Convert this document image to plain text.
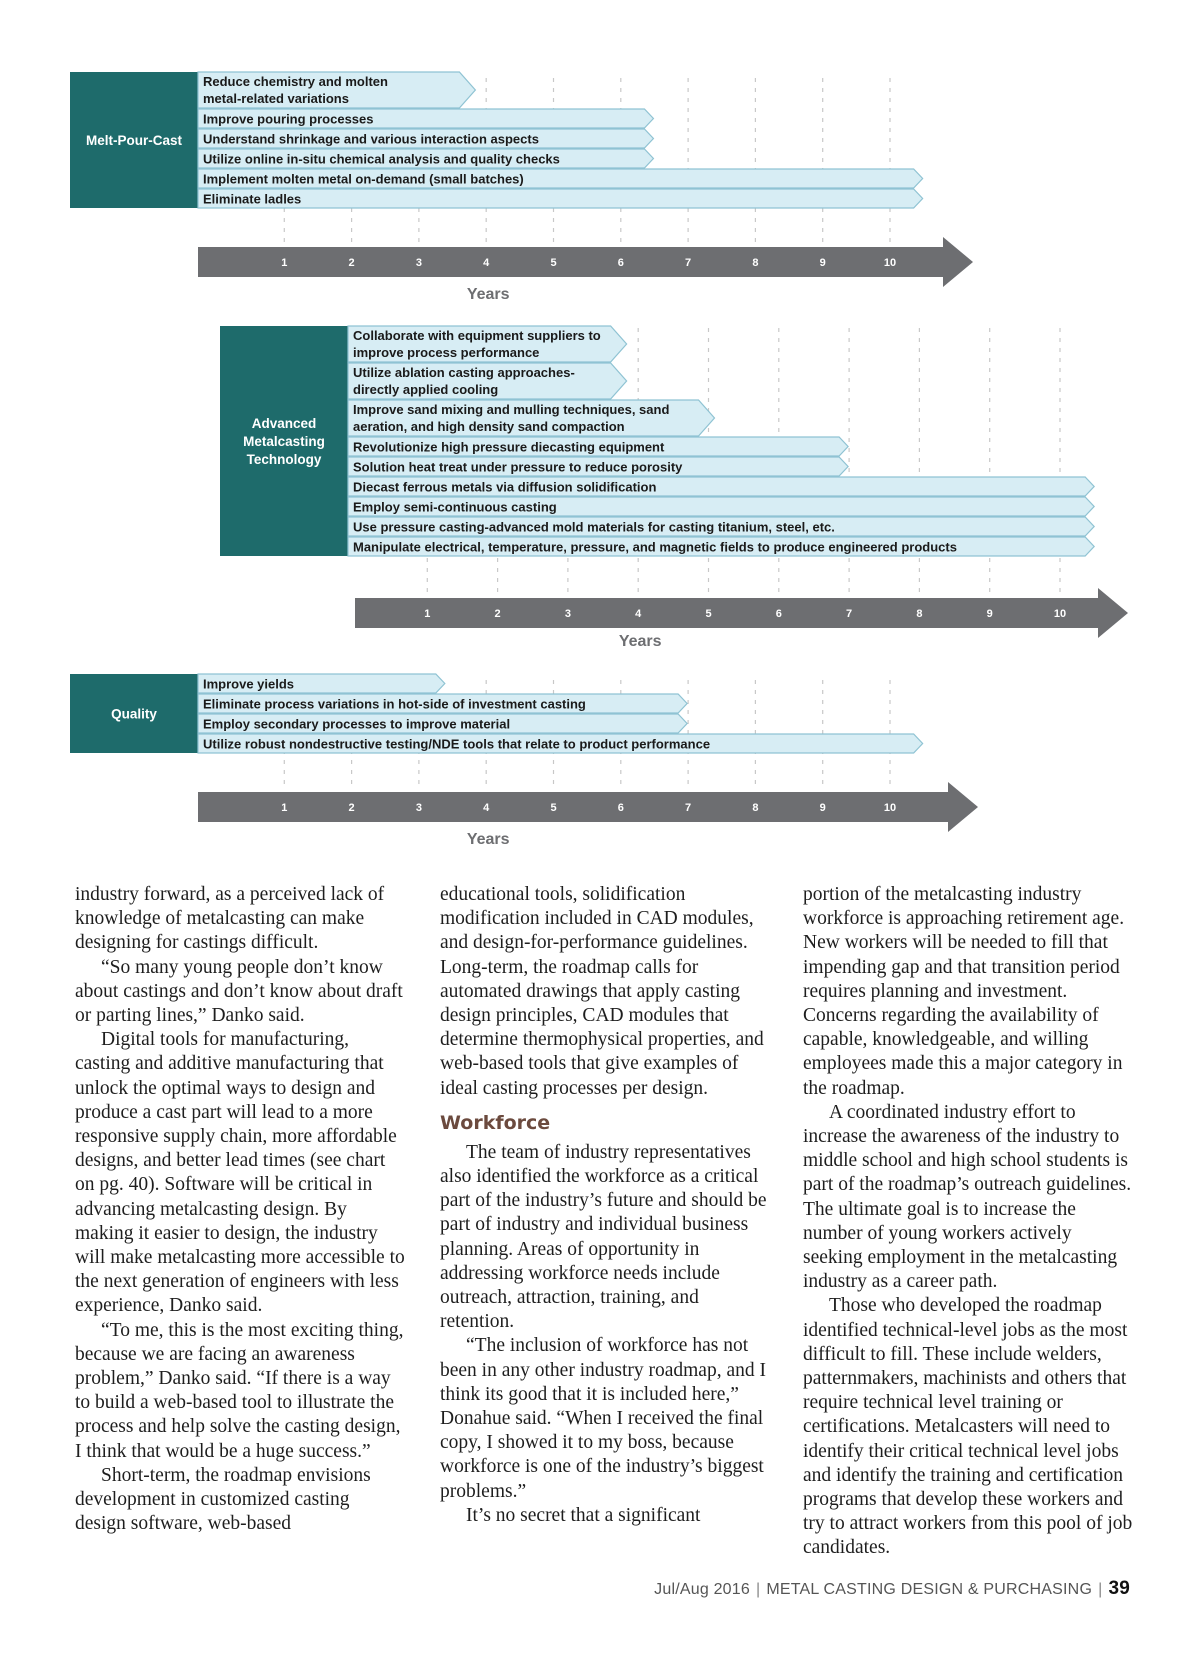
Melt-Pour-Cast
Reduce chemistry and molten metal-related variations
Improve pouring processes
Understand shrinkage and various interaction aspects
Utilize online in-situ chemical analysis and quality checks
Implement molten metal on-demand (small batches)
Eliminate ladles
1	2	3	4	5	6	7	8	9	10
Years
Advanced Metalcasting Technology
Collaborate with equipment suppliers to improve process performance
Utilize ablation casting approaches-directly applied cooling
Improve sand mixing and mulling techniques, sand aeration, and high density sand compaction
Revolutionize high pressure diecasting equipment
Solution heat treat under pressure to reduce porosity
Diecast ferrous metals via diffusion solidification
Employ semi-continuous casting
Use pressure casting-advanced mold materials for casting titanium, steel, etc.
Manipulate electrical, temperature, pressure, and magnetic fields to produce engineered products
1	2	3	4	5	6	7	8	9	10
Years
Quality
Improve yields
Eliminate process variations in hot-side of investment casting
Employ secondary processes to improve material
Utilize robust nondestructive testing/NDE tools that relate to product performance
1	2	3	4	5	6	7	8	9	10
Years

industry forward, as a perceived lack of knowledge of metalcasting can make designing for castings difficult.

“So many young people don’t know about castings and don’t know about draft or parting lines,” Danko said.

Digital tools for manufacturing, casting and additive manufacturing that unlock the optimal ways to design and produce a cast part will lead to a more responsive supply chain, more affordable designs, and better lead times (see chart on pg. 40). Software will be critical in advancing metalcasting design. By making it easier to design, the industry will make metalcasting more accessible to the next generation of engineers with less experience, Danko said.

“To me, this is the most exciting thing, because we are facing an awareness problem,” Danko said. “If there is a way to build a web-based tool to illustrate the process and help solve the casting design, I think that would be a huge success.”

Short-term, the roadmap envisions development in customized casting design software, web-based

educational tools, solidification modification included in CAD modules, and design-for-performance guidelines. Long-term, the roadmap calls for automated drawings that apply casting design principles, CAD modules that determine thermophysical properties, and web-based tools that give examples of ideal casting processes per design.

Workforce

The team of industry representatives also identified the workforce as a critical part of the industry’s future and should be part of industry and individual business planning. Areas of opportunity in addressing workforce needs include outreach, attraction, training, and retention.

“The inclusion of workforce has not been in any other industry roadmap, and I think its good that it is included here,” Donahue said. “When I received the final copy, I showed it to my boss, because workforce is one of the industry’s biggest problems.”

It’s no secret that a significant

portion of the metalcasting industry workforce is approaching retirement age. New workers will be needed to fill that impending gap and that transition period requires planning and investment. Concerns regarding the availability of capable, knowledgeable, and willing employees made this a major category in the roadmap.

A coordinated industry effort to increase the awareness of the industry to middle school and high school students is part of the roadmap’s outreach guidelines. The ultimate goal is to increase the number of young workers actively seeking employment in the metalcasting industry as a career path.

Those who developed the roadmap identified technical-level jobs as the most difficult to fill. These include welders, patternmakers, machinists and others that require technical level training or certifications. Metalcasters will need to identify their critical technical level jobs and identify the training and certification programs that develop these workers and try to attract workers from this pool of job candidates.

Jul/Aug 2016 | METAL CASTING DESIGN & PURCHASING | 39
